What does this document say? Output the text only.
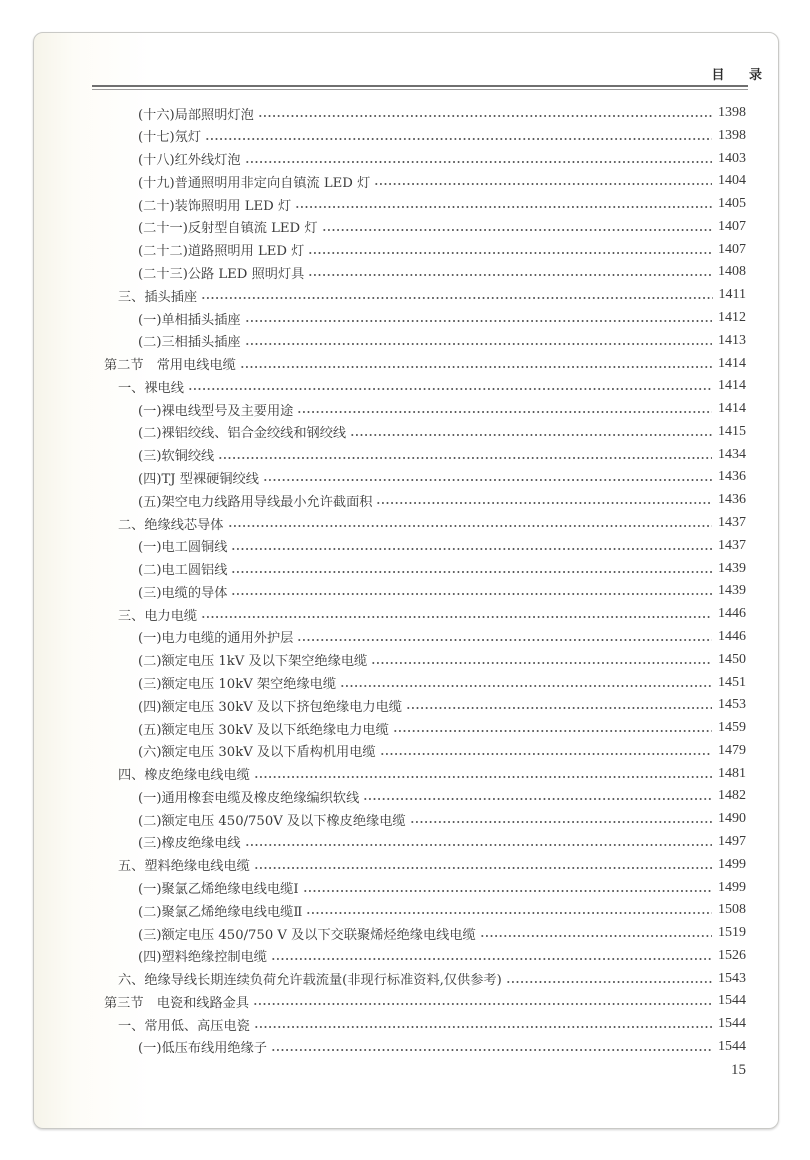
目 录
(十六)局部照明灯泡	1398
(十七)氖灯	1398
(十八)红外线灯泡	1403
(十九)普通照明用非定向自镇流 LED 灯	1404
(二十)装饰照明用 LED 灯	1405
(二十一)反射型自镇流 LED 灯	1407
(二十二)道路照明用 LED 灯	1407
(二十三)公路 LED 照明灯具	1408
三、插头插座	1411
(一)单相插头插座	1412
(二)三相插头插座	1413
第二节　常用电线电缆	1414
一、裸电线	1414
(一)裸电线型号及主要用途	1414
(二)裸铝绞线、铝合金绞线和钢绞线	1415
(三)软铜绞线	1434
(四)TJ 型裸硬铜绞线	1436
(五)架空电力线路用导线最小允许截面积	1436
二、绝缘线芯导体	1437
(一)电工圆铜线	1437
(二)电工圆铝线	1439
(三)电缆的导体	1439
三、电力电缆	1446
(一)电力电缆的通用外护层	1446
(二)额定电压 1kV 及以下架空绝缘电缆	1450
(三)额定电压 10kV 架空绝缘电缆	1451
(四)额定电压 30kV 及以下挤包绝缘电力电缆	1453
(五)额定电压 30kV 及以下纸绝缘电力电缆	1459
(六)额定电压 30kV 及以下盾构机用电缆	1479
四、橡皮绝缘电线电缆	1481
(一)通用橡套电缆及橡皮绝缘编织软线	1482
(二)额定电压 450/750V 及以下橡皮绝缘电缆	1490
(三)橡皮绝缘电线	1497
五、塑料绝缘电线电缆	1499
(一)聚氯乙烯绝缘电线电缆Ⅰ	1499
(二)聚氯乙烯绝缘电线电缆Ⅱ	1508
(三)额定电压 450/750 V 及以下交联聚烯烃绝缘电线电缆	1519
(四)塑料绝缘控制电缆	1526
六、绝缘导线长期连续负荷允许载流量(非现行标准资料,仅供参考)	1543
第三节　电瓷和线路金具	1544
一、常用低、高压电瓷	1544
(一)低压布线用绝缘子	1544
15
